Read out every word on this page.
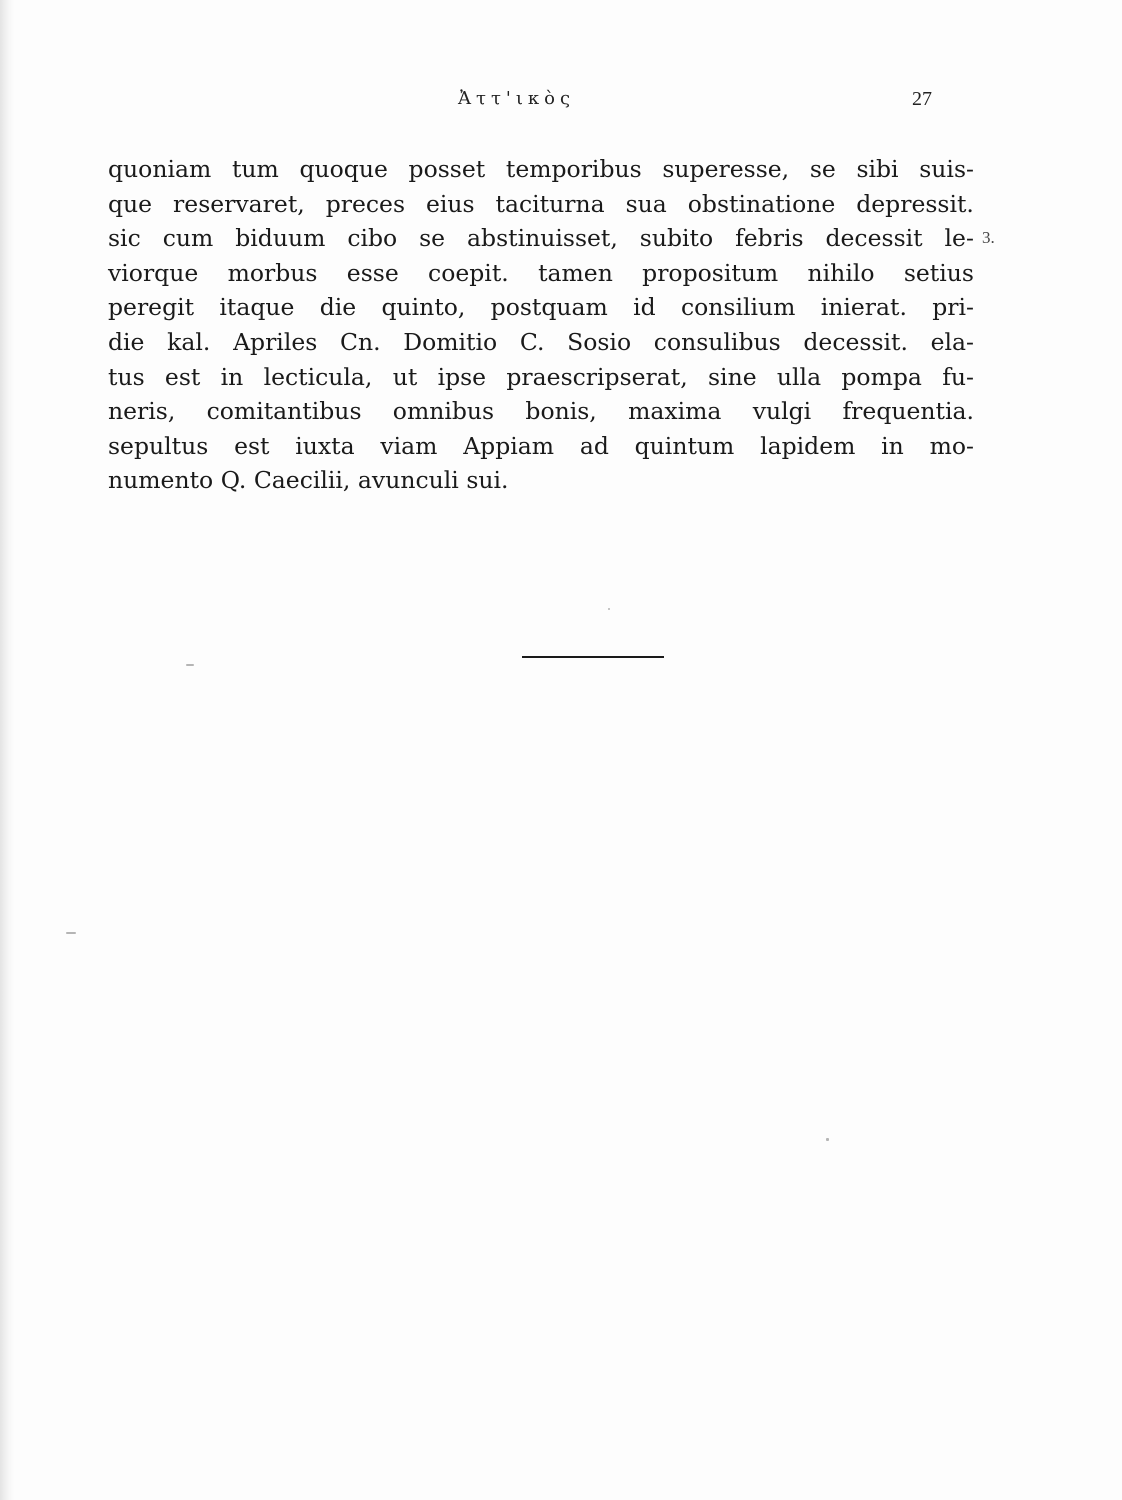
Ἀττ'ικὸς	27
quoniam tum quoque posset temporibus superesse, se sibi suis-
que reservaret, preces eius taciturna sua obstinatione depressit.
sic cum biduum cibo se abstinuisset, subito febris decessit le-
viorque morbus esse coepit. tamen propositum nihilo setius
peregit itaque die quinto, postquam id consilium inierat. pri-
die kal. Apriles Cn. Domitio C. Sosio consulibus decessit. ela-
tus est in lecticula, ut ipse praescripserat, sine ulla pompa fu-
neris, comitantibus omnibus bonis, maxima vulgi frequentia.
sepultus est iuxta viam Appiam ad quintum lapidem in mo-
numento Q. Caecilii, avunculi sui.
3.
